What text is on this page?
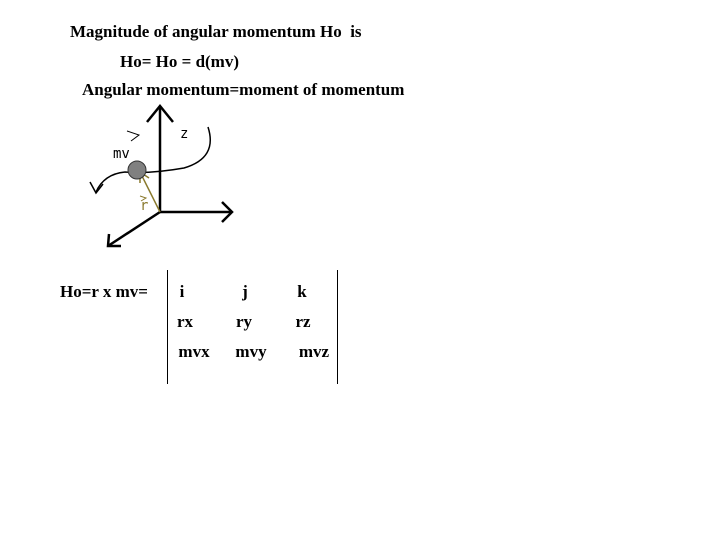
Magnitude of angular momentum Ho  is
Ho= Ho = d(mv)
Angular momentum=moment of momentum
z
mv
r
Ho=r x mv=	i	j	k
rx	ry	rz
mvx	mvy	mvz
